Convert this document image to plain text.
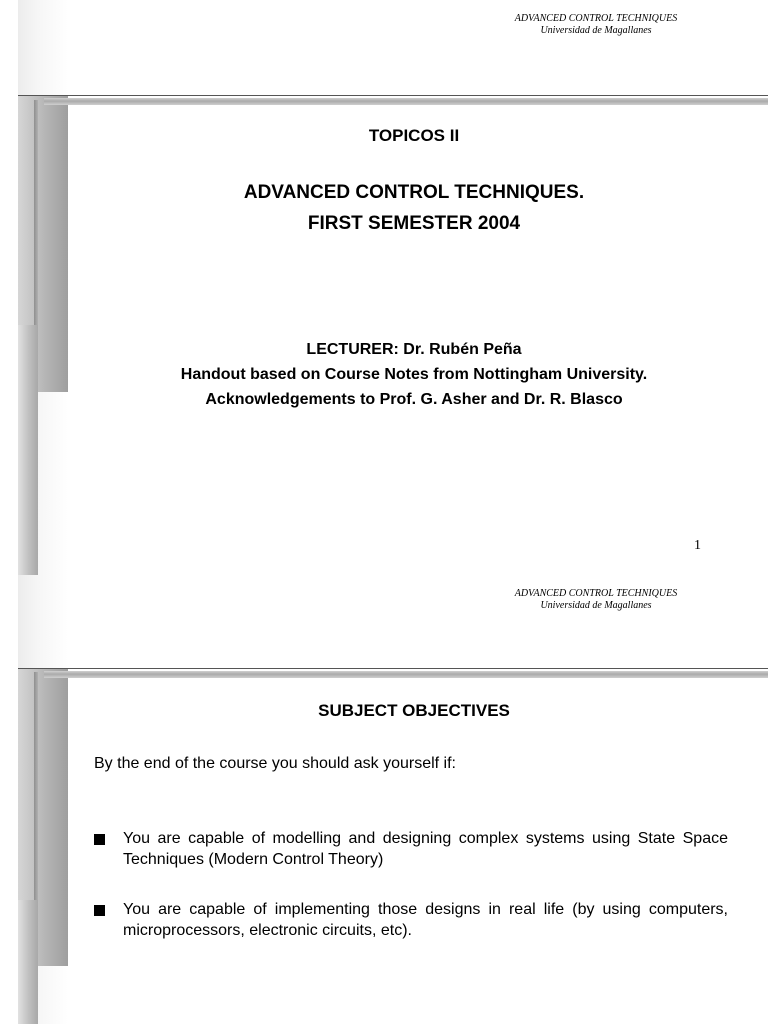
ADVANCED CONTROL TECHNIQUES
Universidad de Magallanes
TOPICOS II
ADVANCED CONTROL TECHNIQUES.
FIRST SEMESTER 2004
LECTURER: Dr. Rubén Peña
Handout based on Course Notes from Nottingham University.
Acknowledgements to Prof. G. Asher and Dr. R. Blasco
1
ADVANCED CONTROL TECHNIQUES
Universidad de Magallanes
SUBJECT OBJECTIVES
By the end of the course you should ask yourself if:
You are capable of modelling and designing complex systems using State Space Techniques (Modern Control Theory)
You are capable of implementing those designs in real life (by using computers, microprocessors, electronic circuits, etc).
